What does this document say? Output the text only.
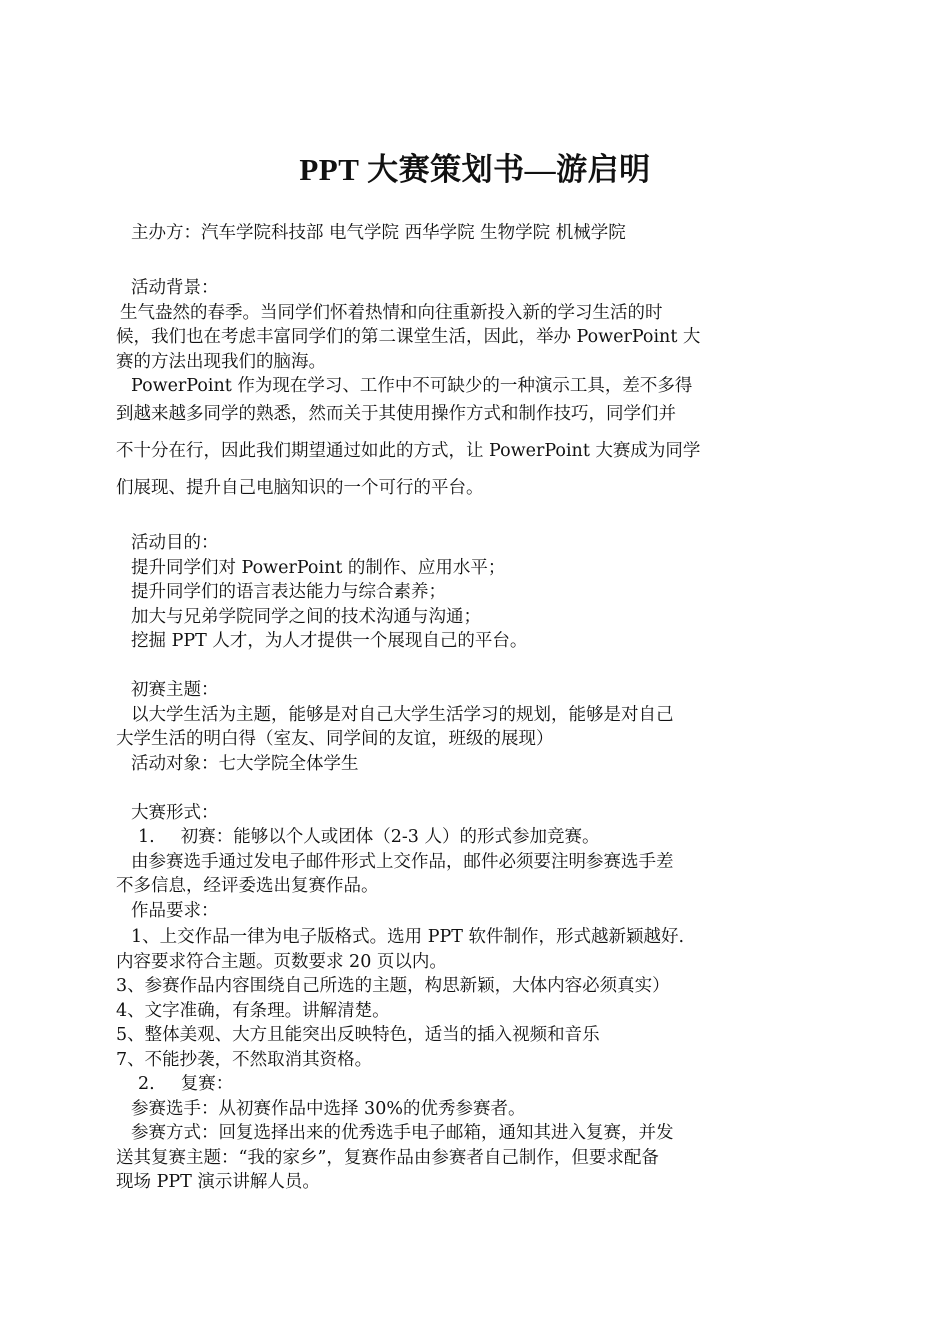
PPT 大赛策划书—游启明

主办方：汽车学院科技部 电气学院 西华学院 生物学院 机械学院

活动背景：

生气盎然的春季。当同学们怀着热情和向往重新投入新的学习生活的时

候，我们也在考虑丰富同学们的第二课堂生活，因此，举办 PowerPoint 大

赛的方法出现我们的脑海。

PowerPoint 作为现在学习、工作中不可缺少的一种演示工具，差不多得

到越来越多同学的熟悉，然而关于其使用操作方式和制作技巧，同学们并

不十分在行，因此我们期望通过如此的方式，让 PowerPoint 大赛成为同学

们展现、提升自己电脑知识的一个可行的平台。

活动目的：

提升同学们对 PowerPoint 的制作、应用水平；

提升同学们的语言表达能力与综合素养；

加大与兄弟学院同学之间的技术沟通与沟通；

挖掘 PPT 人才，为人才提供一个展现自己的平台。

初赛主题：

以大学生活为主题，能够是对自己大学生活学习的规划，能够是对自己

大学生活的明白得（室友、同学间的友谊，班级的展现）

活动对象：七大学院全体学生

大赛形式：

1. 初赛：能够以个人或团体（2-3 人）的形式参加竞赛。

由参赛选手通过发电子邮件形式上交作品，邮件必须要注明参赛选手差

不多信息，经评委选出复赛作品。

作品要求：

1、上交作品一律为电子版格式。选用 PPT 软件制作，形式越新颖越好.

内容要求符合主题。页数要求 20 页以内。

3、参赛作品内容围绕自己所选的主题，构思新颖，大体内容必须真实）

4、文字准确，有条理。讲解清楚。

5、整体美观、大方且能突出反映特色，适当的插入视频和音乐

7、不能抄袭，不然取消其资格。

2. 复赛：

参赛选手：从初赛作品中选择 30%的优秀参赛者。

参赛方式：回复选择出来的优秀选手电子邮箱，通知其进入复赛，并发

送其复赛主题：“我的家乡”，复赛作品由参赛者自己制作，但要求配备

现场 PPT 演示讲解人员。
